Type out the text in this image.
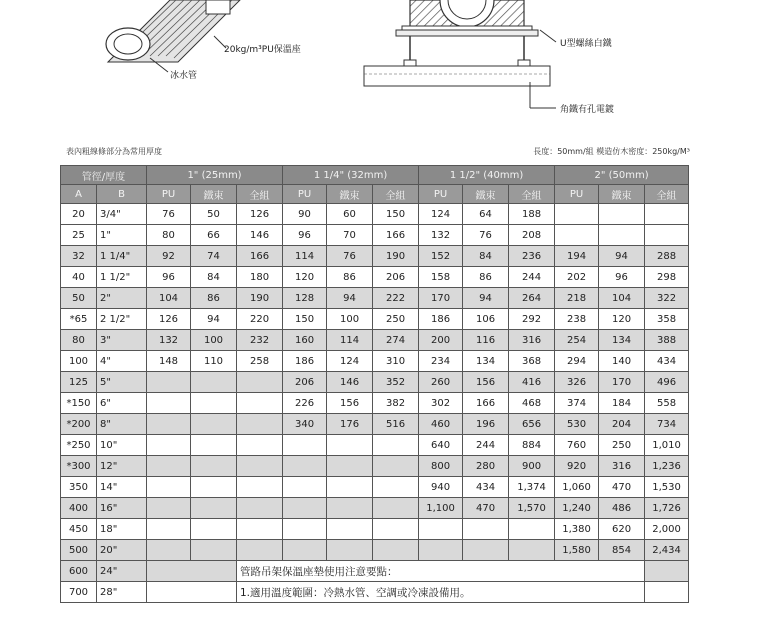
20kg/m³PU保溫座
冰水管
U型螺絲白鐵
角鐵有孔電鍍
表內粗線條部分為常用厚度	長度：50mm/組 模造仿木密度：250kg/M³
管徑/厚度		1" (25mm)			1 1/4" (32mm)			1 1/2" (40mm)			2" (50mm)		
A	B	PU	鐵束	全組	PU	鐵束	全組	PU	鐵束	全組	PU	鐵束	全組
20	3/4"	76	50	126	90	60	150	124	64	188			
25	1"	80	66	146	96	70	166	132	76	208			
32	1 1/4"	92	74	166	114	76	190	152	84	236	194	94	288
40	1 1/2"	96	84	180	120	86	206	158	86	244	202	96	298
50	2"	104	86	190	128	94	222	170	94	264	218	104	322
*65	2 1/2"	126	94	220	150	100	250	186	106	292	238	120	358
80	3"	132	100	232	160	114	274	200	116	316	254	134	388
100	4"	148	110	258	186	124	310	234	134	368	294	140	434
125	5"				206	146	352	260	156	416	326	170	496
*150	6"				226	156	382	302	166	468	374	184	558
*200	8"				340	176	516	460	196	656	530	204	734
*250	10"							640	244	884	760	250	1,010
*300	12"							800	280	900	920	316	1,236
350	14"							940	434	1,374	1,060	470	1,530
400	16"							1,100	470	1,570	1,240	486	1,726
450	18"										1,380	620	2,000
500	20"										1,580	854	2,434
600	24"			管路吊架保溫座墊使用注意要點：									
700	28"			1.適用溫度範圍：冷熱水管、空調或冷凍設備用。									
